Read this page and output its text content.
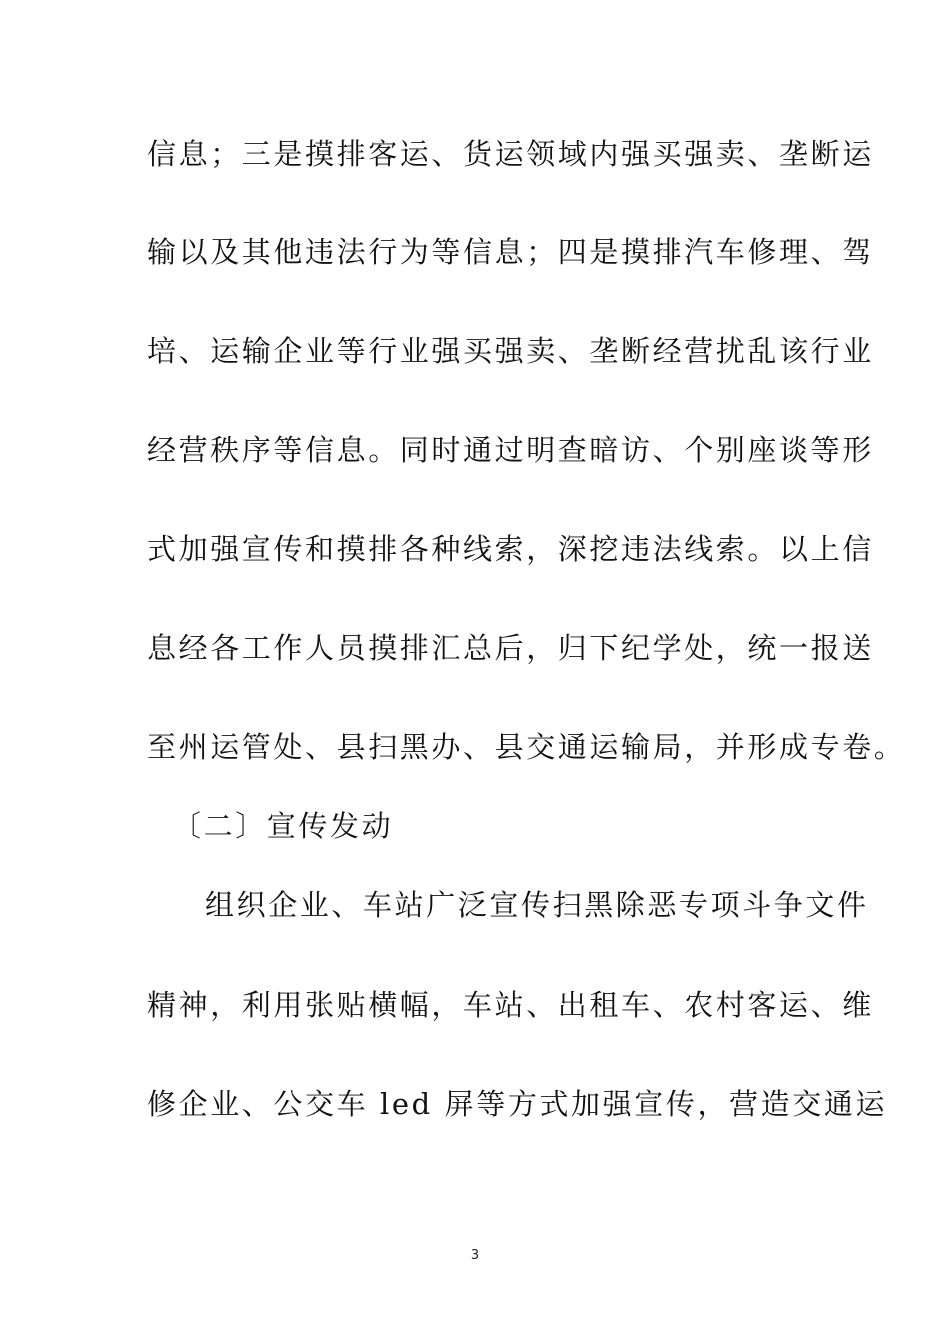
信息；三是摸排客运、货运领域内强买强卖、垄断运
输以及其他违法行为等信息；四是摸排汽车修理、驾
培、运输企业等行业强买强卖、垄断经营扰乱该行业
经营秩序等信息。同时通过明查暗访、个别座谈等形
式加强宣传和摸排各种线索，深挖违法线索。以上信
息经各工作人员摸排汇总后，归下纪学处，统一报送
至州运管处、县扫黑办、县交通运输局，并形成专卷。
〔二〕宣传发动
组织企业、车站广泛宣传扫黑除恶专项斗争文件
精神，利用张贴横幅，车站、出租车、农村客运、维
修企业、公交车 led 屏等方式加强宣传，营造交通运
3
